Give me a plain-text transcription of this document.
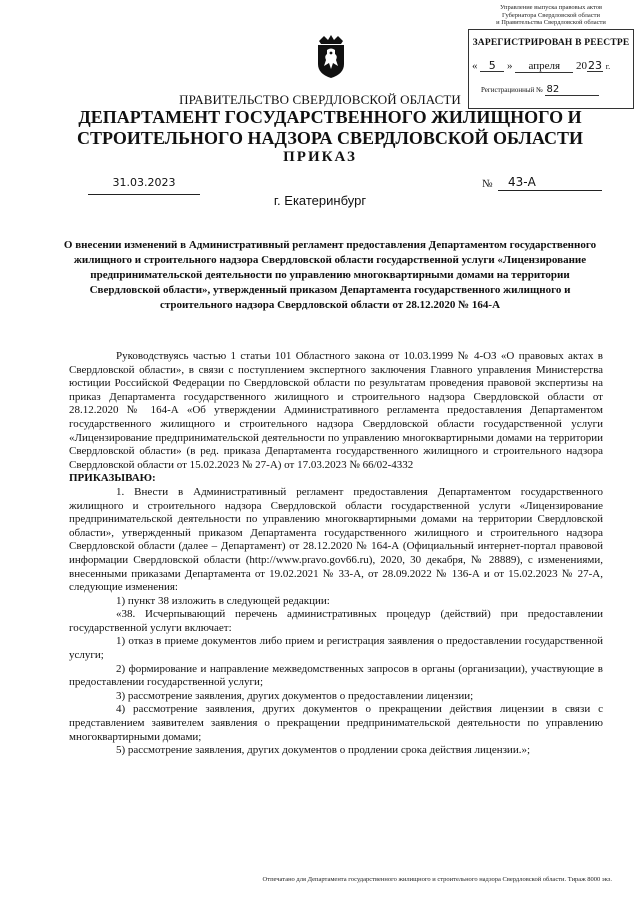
Управление выпуска правовых актов
Губернатора Свердловской области
и Правительства Свердловской области
ЗАРЕГИСТРИРОВАН В РЕЕСТРЕ
« 5 » апреля 2023 г.
Регистрационный № 82
ПРАВИТЕЛЬСТВО СВЕРДЛОВСКОЙ ОБЛАСТИ
ДЕПАРТАМЕНТ ГОСУДАРСТВЕННОГО ЖИЛИЩНОГО И СТРОИТЕЛЬНОГО НАДЗОРА СВЕРДЛОВСКОЙ ОБЛАСТИ
ПРИКАЗ
31.03.2023
г. Екатеринбург
№	43-А
О внесении изменений в Административный регламент предоставления Департаментом государственного жилищного и строительного надзора Свердловской области государственной услуги «Лицензирование предпринимательской деятельности по управлению многоквартирными домами на территории Свердловской области», утвержденный приказом Департамента государственного жилищного и строительного надзора Свердловской области от 28.12.2020 № 164-А

Руководствуясь частью 1 статьи 101 Областного закона от 10.03.1999 № 4-ОЗ «О правовых актах в Свердловской области», в связи с поступлением экспертного заключения Главного управления Министерства юстиции Российской Федерации по Свердловской области по результатам проведения правовой экспертизы на приказ Департамента государственного жилищного и строительного надзора Свердловской области от 28.12.2020 № 164-А «Об утверждении Административного регламента предоставления Департаментом государственного жилищного и строительного надзора Свердловской области государственной услуги «Лицензирование предпринимательской деятельности по управлению многоквартирными домами на территории Свердловской области» (в ред. приказа Департамента государственного жилищного и строительного надзора Свердловской области от 15.02.2023 № 27-А) от 17.03.2023 № 66/02-4332

ПРИКАЗЫВАЮ:

1. Внести в Административный регламент предоставления Департаментом государственного жилищного и строительного надзора Свердловской области государственной услуги «Лицензирование предпринимательской деятельности по управлению многоквартирными домами на территории Свердловской области», утвержденный приказом Департамента государственного жилищного и строительного надзора Свердловской области (далее – Департамент) от 28.12.2020 № 164-А (Официальный интернет-портал правовой информации Свердловской области (http://www.pravo.gov66.ru), 2020, 30 декабря, № 28889), с изменениями, внесенными приказами Департамента от 19.02.2021 № 33-А, от 28.09.2022 № 136-А и от 15.02.2023 № 27-А, следующие изменения:

1) пункт 38 изложить в следующей редакции:

«38. Исчерпывающий перечень административных процедур (действий) при предоставлении государственной услуги включает:

1) отказ в приеме документов либо прием и регистрация заявления о предоставлении государственной услуги;

2) формирование и направление межведомственных запросов в органы (организации), участвующие в предоставлении государственной услуги;

3) рассмотрение заявления, других документов о предоставлении лицензии;

4) рассмотрение заявления, других документов о прекращении действия лицензии в связи с представлением заявителем заявления о прекращении предпринимательской деятельности по управлению многоквартирными домами;

5) рассмотрение заявления, других документов о продлении срока действия лицензии.»;

Отпечатано для Департамента государственного жилищного и строительного надзора Свердловской области. Тираж 8000 экз.
